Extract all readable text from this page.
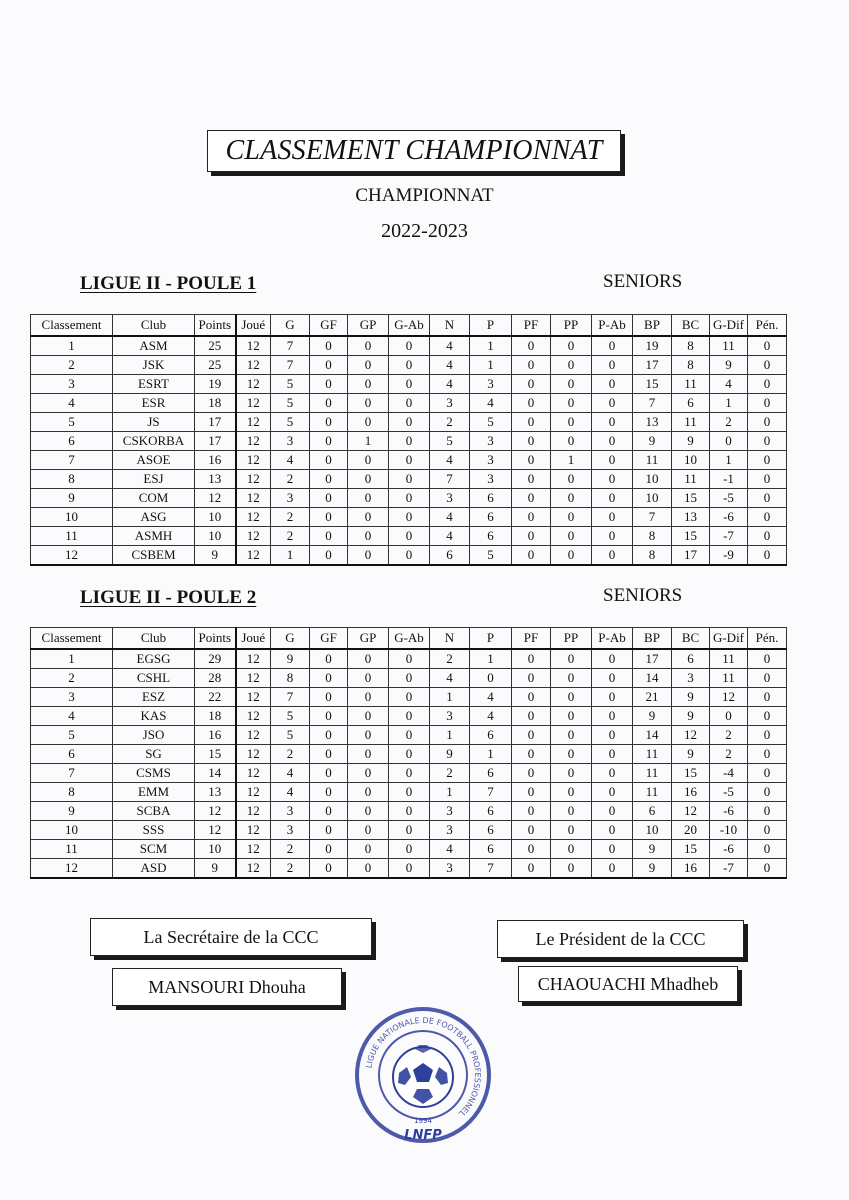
CLASSEMENT CHAMPIONNAT
CHAMPIONNAT
2022-2023
LIGUE II - POULE 1	SENIORS
Classement	Club	Points	Joué	G	GF	GP	G-Ab	N	P	PF	PP	P-Ab	BP	BC	G-Dif	Pén.
1	ASM	25	12	7	0	0	0	4	1	0	0	0	19	8	11	0
2	JSK	25	12	7	0	0	0	4	1	0	0	0	17	8	9	0
3	ESRT	19	12	5	0	0	0	4	3	0	0	0	15	11	4	0
4	ESR	18	12	5	0	0	0	3	4	0	0	0	7	6	1	0
5	JS	17	12	5	0	0	0	2	5	0	0	0	13	11	2	0
6	CSKORBA	17	12	3	0	1	0	5	3	0	0	0	9	9	0	0
7	ASOE	16	12	4	0	0	0	4	3	0	1	0	11	10	1	0
8	ESJ	13	12	2	0	0	0	7	3	0	0	0	10	11	-1	0
9	COM	12	12	3	0	0	0	3	6	0	0	0	10	15	-5	0
10	ASG	10	12	2	0	0	0	4	6	0	0	0	7	13	-6	0
11	ASMH	10	12	2	0	0	0	4	6	0	0	0	8	15	-7	0
12	CSBEM	9	12	1	0	0	0	6	5	0	0	0	8	17	-9	0
LIGUE II - POULE 2	SENIORS
Classement	Club	Points	Joué	G	GF	GP	G-Ab	N	P	PF	PP	P-Ab	BP	BC	G-Dif	Pén.
1	EGSG	29	12	9	0	0	0	2	1	0	0	0	17	6	11	0
2	CSHL	28	12	8	0	0	0	4	0	0	0	0	14	3	11	0
3	ESZ	22	12	7	0	0	0	1	4	0	0	0	21	9	12	0
4	KAS	18	12	5	0	0	0	3	4	0	0	0	9	9	0	0
5	JSO	16	12	5	0	0	0	1	6	0	0	0	14	12	2	0
6	SG	15	12	2	0	0	0	9	1	0	0	0	11	9	2	0
7	CSMS	14	12	4	0	0	0	2	6	0	0	0	11	15	-4	0
8	EMM	13	12	4	0	0	0	1	7	0	0	0	11	16	-5	0
9	SCBA	12	12	3	0	0	0	3	6	0	0	0	6	12	-6	0
10	SSS	12	12	3	0	0	0	3	6	0	0	0	10	20	-10	0
11	SCM	10	12	2	0	0	0	4	6	0	0	0	9	15	-6	0
12	ASD	9	12	2	0	0	0	3	7	0	0	0	9	16	-7	0
La Secrétaire de la CCC	Le Président de la CCC
MANSOURI Dhouha	CHAOUACHI Mhadheb
LIGUE NATIONALE DE FOOTBALL PROFESSIONNEL
1994
LNFP
